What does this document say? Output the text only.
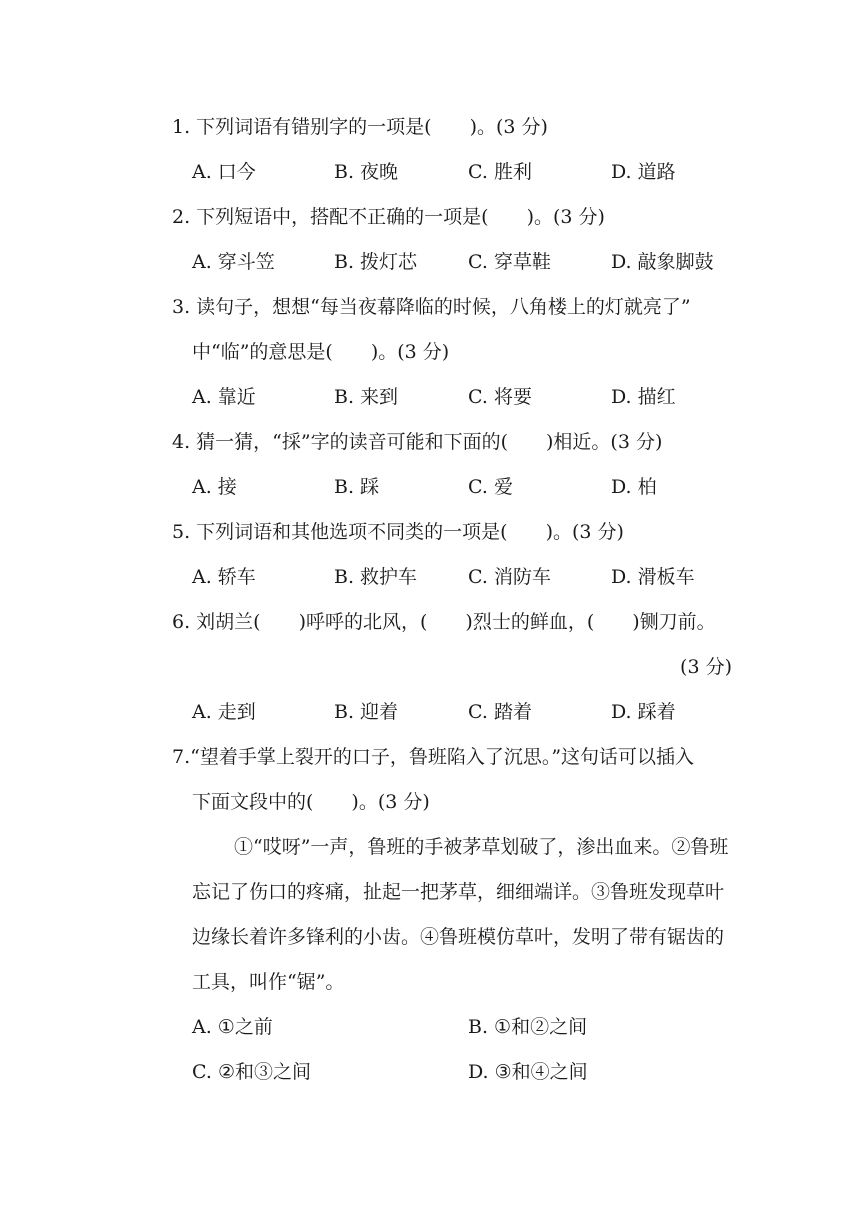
1. 下列词语有错别字的一项是(　　)。(3 分)
A. 口今	B. 夜晚	C. 胜利	D. 道路
2. 下列短语中，搭配不正确的一项是(　　)。(3 分)
A. 穿斗笠	B. 拨灯芯	C. 穿草鞋	D. 敲象脚鼓
3. 读句子，想想“每当夜幕降临的时候，八角楼上的灯就亮了”
中“临”的意思是(　　)。(3 分)
A. 靠近	B. 来到	C. 将要	D. 描红
4. 猜一猜，“採”字的读音可能和下面的(　　)相近。(3 分)
A. 接	B. 踩	C. 爱	D. 柏
5. 下列词语和其他选项不同类的一项是(　　)。(3 分)
A. 轿车	B. 救护车	C. 消防车	D. 滑板车
6. 刘胡兰(　　)呼呼的北风，(　　)烈士的鲜血，(　　)铡刀前。
(3 分)
A. 走到	B. 迎着	C. 踏着	D. 踩着
7.“望着手掌上裂开的口子，鲁班陷入了沉思。”这句话可以插入
下面文段中的(　　)。(3 分)
①“哎呀”一声，鲁班的手被茅草划破了，渗出血来。②鲁班忘记了伤口的疼痛，扯起一把茅草，细细端详。③鲁班发现草叶边缘长着许多锋利的小齿。④鲁班模仿草叶，发明了带有锯齿的工具，叫作“锯”。
A. ①之前	B. ①和②之间
C. ②和③之间	D. ③和④之间
